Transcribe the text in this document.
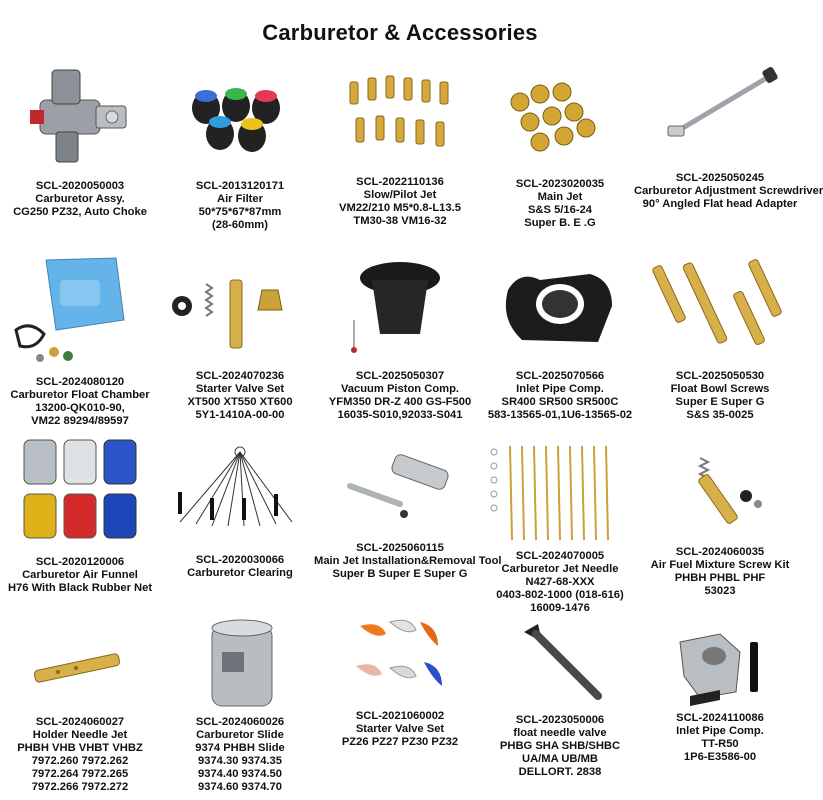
Carburetor & Accessories
SCL-2020050003
Carburetor Assy.
CG250 PZ32, Auto Choke
SCL-2013120171
Air Filter
50*75*67*87mm
(28-60mm)
SCL-2022110136
Slow/Pilot Jet
VM22/210 M5*0.8-L13.5
TM30-38 VM16-32
SCL-2023020035
Main Jet
S&S 5/16-24
Super B. E .G
SCL-2025050245
Carburetor Adjustment Screwdriver
90° Angled Flat head Adapter
SCL-2024080120
Carburetor Float Chamber
13200-QK010-90,
VM22 89294/89597
SCL-2024070236
Starter Valve Set
XT500 XT550 XT600
5Y1-1410A-00-00
SCL-2025050307
Vacuum Piston Comp.
YFM350 DR-Z 400 GS-F500
16035-S010,92033-S041
SCL-2025070566
Inlet Pipe Comp.
SR400 SR500 SR500C
583-13565-01,1U6-13565-02
SCL-2025050530
Float Bowl Screws
Super E Super G
S&S 35-0025
SCL-2020120006
Carburetor Air Funnel
H76 With Black Rubber Net
SCL-2020030066
Carburetor Clearing
SCL-2025060115
Main Jet Installation&Removal Tool
Super B Super E Super G
SCL-2024070005
Carburetor Jet Needle
N427-68-XXX
0403-802-1000 (018-616)
16009-1476
SCL-2024060035
Air Fuel Mixture Screw Kit
PHBH PHBL PHF
53023
SCL-2024060027
Holder Needle Jet
PHBH VHB VHBT VHBZ
7972.260 7972.262
7972.264 7972.265
7972.266 7972.272
SCL-2024060026
Carburetor Slide
9374 PHBH Slide
9374.30 9374.35
9374.40 9374.50
9374.60 9374.70
SCL-2021060002
Starter Valve Set
PZ26 PZ27 PZ30 PZ32
SCL-2023050006
float needle valve
PHBG SHA SHB/SHBC
UA/MA UB/MB
DELLORT. 2838
SCL-2024110086
Inlet Pipe Comp.
TT-R50
1P6-E3586-00
